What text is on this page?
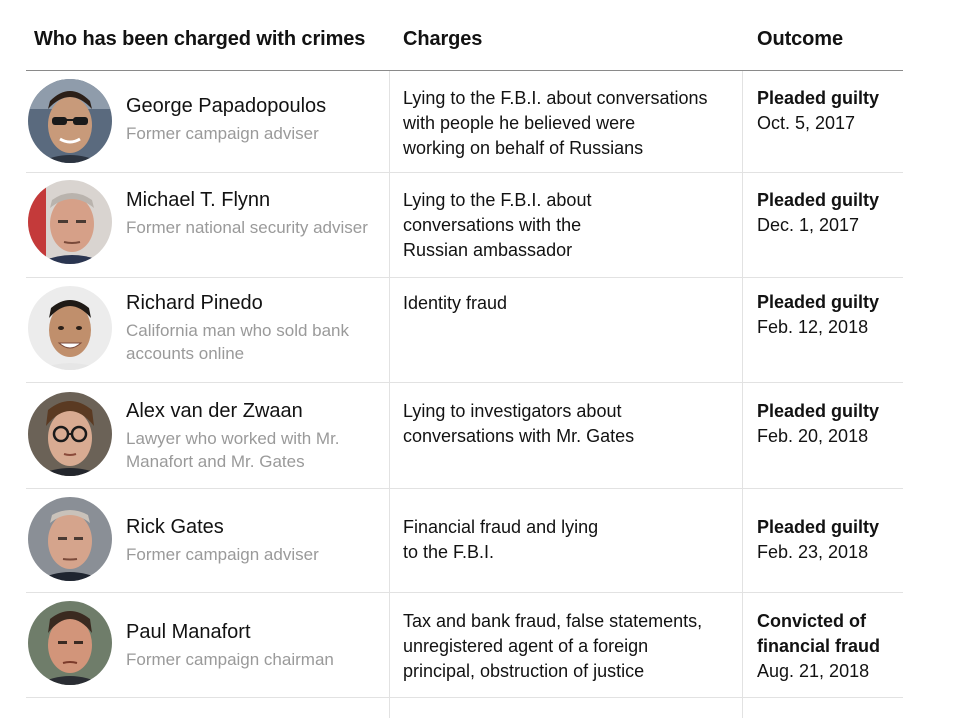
Who has been charged with crimes Charges	Outcome
George Papadopoulos
Former campaign adviser
Lying to the F.B.I. about conversations
with people he believed were
working on behalf of Russians
Pleaded guilty
Oct. 5, 2017
Michael T. Flynn
Former national security adviser
Lying to the F.B.I. about
conversations with the
Russian ambassador
Pleaded guilty
Dec. 1, 2017
Richard Pinedo
California man who sold bank accounts online
Identity fraud	Pleaded guilty
Feb. 12, 2018
Alex van der Zwaan
Lawyer who worked with Mr. Manafort and Mr. Gates
Lying to investigators about
conversations with Mr. Gates
Pleaded guilty
Feb. 20, 2018
Rick Gates
Former campaign adviser
Financial fraud and lying
to the F.B.I.
Pleaded guilty
Feb. 23, 2018
Paul Manafort
Former campaign chairman
Tax and bank fraud, false statements,
unregistered agent of a foreign
principal, obstruction of justice
Convicted of
financial fraud
Aug. 21, 2018
